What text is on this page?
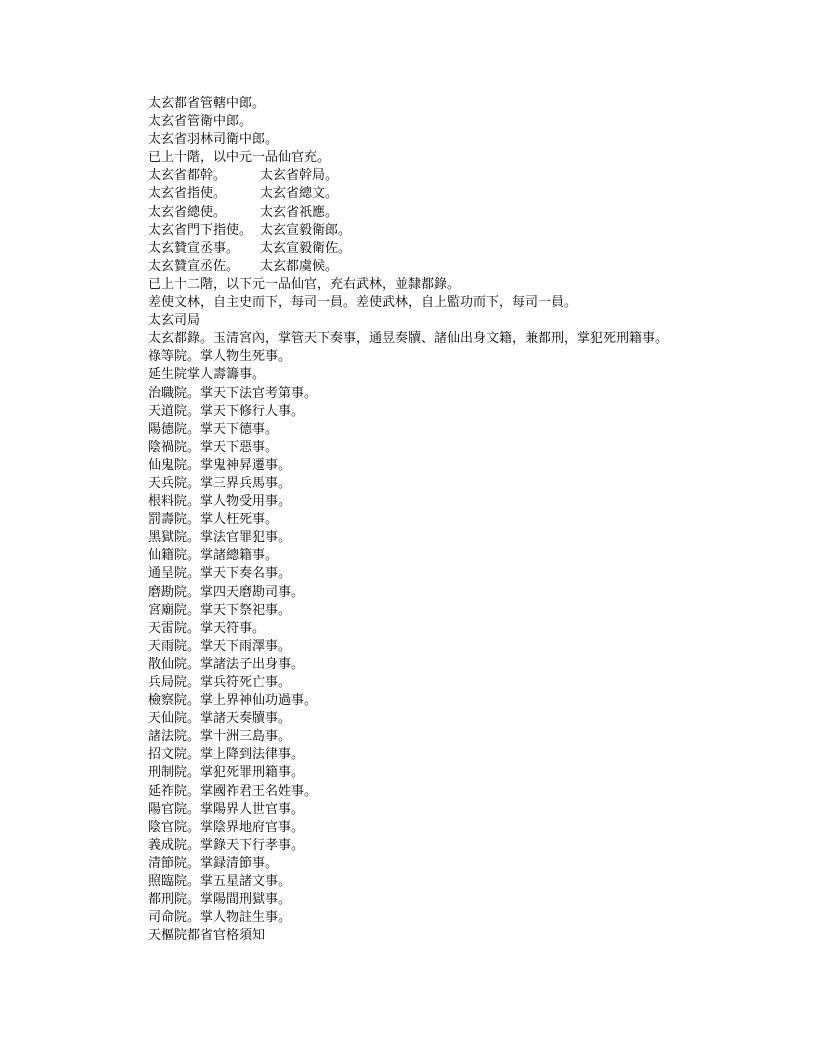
太玄都省管轄中郎。
太玄省管衛中郎。
太玄省羽林司衛中郎。
已上十階，以中元一品仙官充。
太玄省都幹。	太玄省幹局。
太玄省指使。	太玄省總文。
太玄省總使。	太玄省祇應。
太玄省門下指使。 太玄宣毅衛郎。
太玄贊宣丞事。 太玄宣毅衛佐。
太玄贊宣丞佐。 太玄都虞候。
已上十二階，以下元一品仙官，充右武林，並隸都錄。
差使文林，自主史而下，每司一員。差使武林，自上監功而下，每司一員。
太玄司局
太玄都錄。玉清宮內，掌管天下奏事，通昱奏牘、諸仙出身文籍，兼都刑，掌犯死刑籍事。
祿等院。掌人物生死事。
延生院掌人壽籌事。
治職院。掌天下法官考第事。
天道院。掌天下修行人事。
陽德院。掌天下德事。
陰禍院。掌天下惡事。
仙鬼院。掌鬼神昇遷事。
天兵院。掌三界兵馬事。
根料院。掌人物受用事。
罰壽院。掌人枉死事。
黑獄院。掌法官罪犯事。
仙籍院。掌諸總籍事。
通呈院。掌天下奏名事。
磨勘院。掌四天磨勘司事。
宮廟院。掌天下祭祀事。
天雷院。掌天符事。
天雨院。掌天下雨澤事。
散仙院。掌諸法子出身事。
兵局院。掌兵符死亡事。
檢察院。掌上界神仙功過事。
天仙院。掌諸天奏牘事。
諸法院。掌十洲三島事。
招文院。掌上降到法律事。
刑制院。掌犯死罪刑籍事。
延祚院。掌國祚君王名姓事。
陽官院。掌陽界人世官事。
陰官院。掌陰界地府官事。
義成院。掌錄天下行孝事。
清節院。掌録清節事。
照臨院。掌五星諸文事。
都刑院。掌陽間刑獄事。
司命院。掌人物註生事。
天樞院都省官格須知
